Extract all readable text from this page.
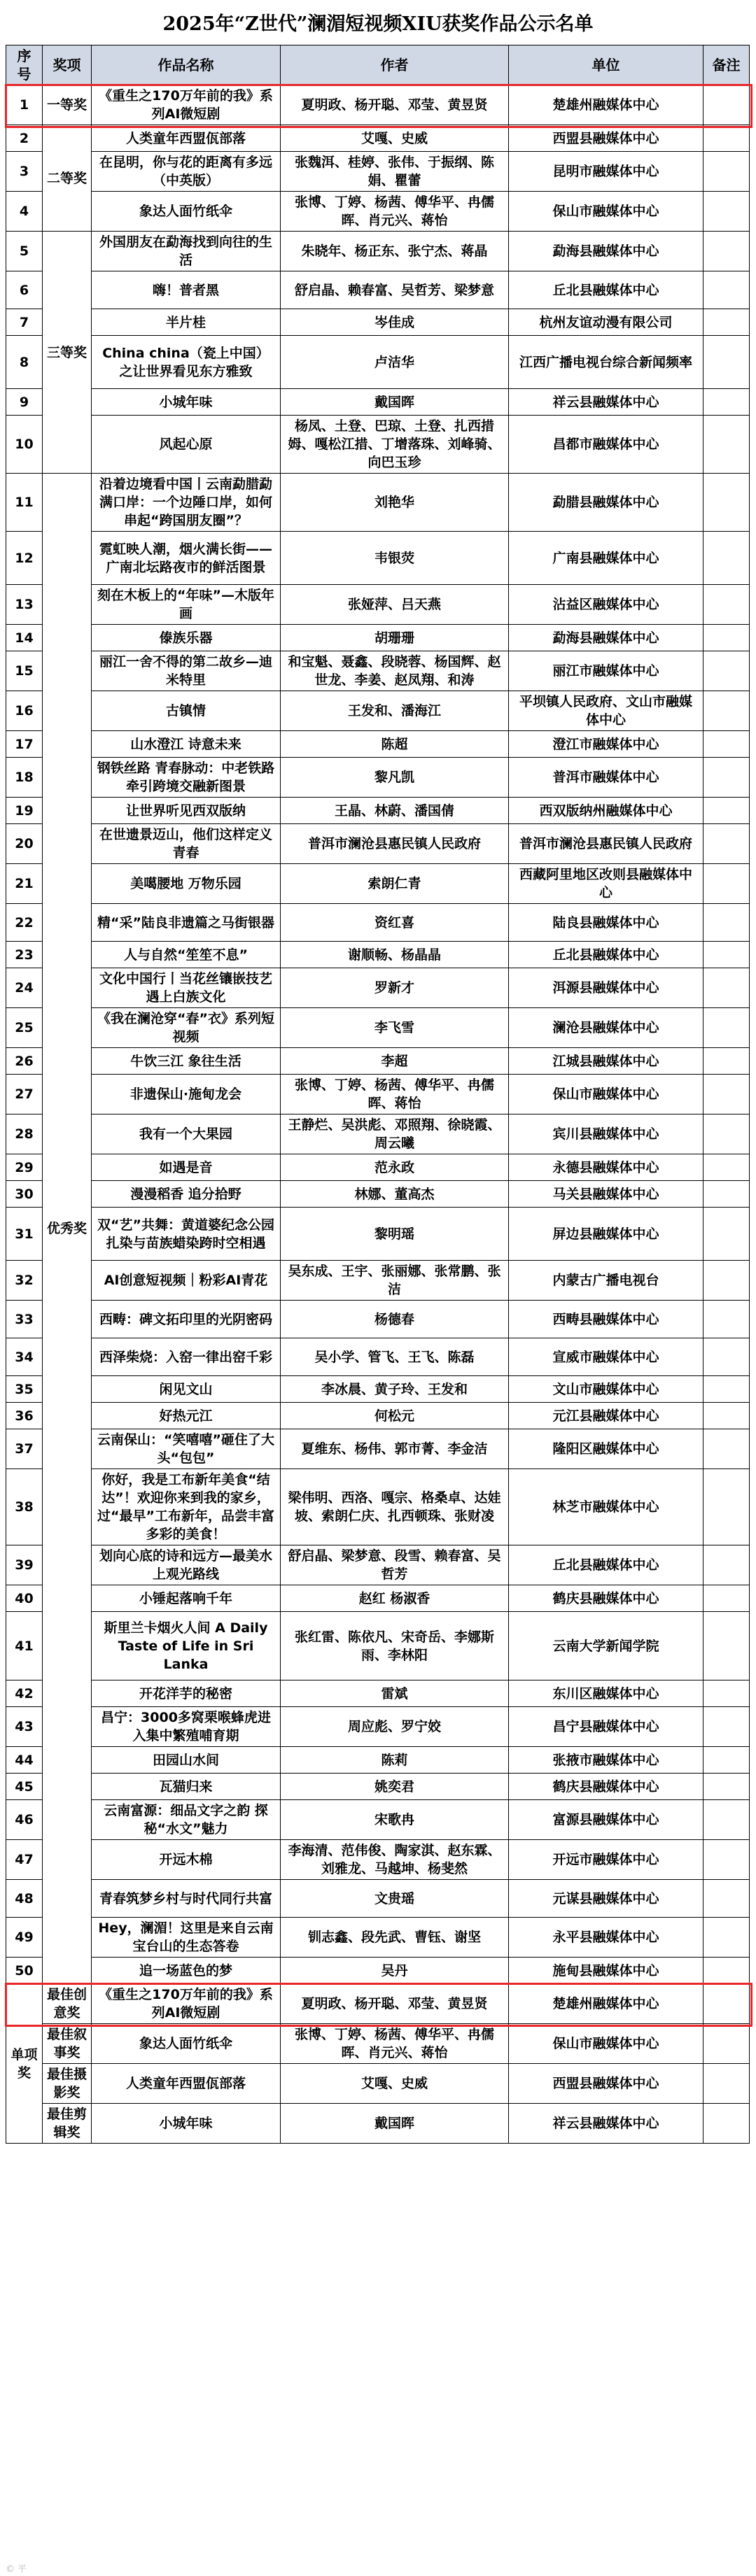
2025年“Z世代”澜湄短视频XIU获奖作品公示名单
序号	奖项	作品名称	作者	单位	备注
1	一等奖	《重生之170万年前的我》系列AI微短剧	夏明政、杨开聪、邓莹、黄昱贤	楚雄州融媒体中心	
2	二等奖	人类童年西盟佤部落	艾嘎、史威	西盟县融媒体中心	
3		在昆明，你与花的距离有多远（中英版）	张魏洱、桂婷、张伟、于振纲、陈娟、瞿蕾	昆明市融媒体中心	
4		象达人面竹纸伞	张博、丁婷、杨茜、傅华平、冉儒晖、肖元兴、蒋怡	保山市融媒体中心	
5	三等奖	外国朋友在勐海找到向往的生活	朱晓年、杨正东、张宁杰、蒋晶	勐海县融媒体中心	
6		嗨！普者黑	舒启晶、赖春富、吴哲芳、梁梦意	丘北县融媒体中心	
7		半片桂	岑佳成	杭州友谊动漫有限公司	
8		China china（瓷上中国）之让世界看见东方雅致	卢洁华	江西广播电视台综合新闻频率	
9		小城年味	戴国晖	祥云县融媒体中心	
10		风起心原	杨凤、土登、巴琼、土登、扎西措姆、嘎松江措、丁增落珠、刘峰骑、向巴玉珍	昌都市融媒体中心	
11	优秀奖	沿着边境看中国丨云南勐腊勐满口岸：一个边陲口岸，如何串起“跨国朋友圈”？	刘艳华	勐腊县融媒体中心	
12		霓虹映人潮，烟火满长街——广南北坛路夜市的鲜活图景	韦银荧	广南县融媒体中心	
13		刻在木板上的“年味”—木版年画	张娅萍、吕天燕	沾益区融媒体中心	
14		傣族乐器	胡珊珊	勐海县融媒体中心	
15		丽江一舍不得的第二故乡—迪米特里	和宝魁、聂鑫、段晓蓉、杨国辉、赵世龙、李姜、赵凤翔、和涛	丽江市融媒体中心	
16		古镇情	王发和、潘海江	平坝镇人民政府、文山市融媒体中心	
17		山水澄江 诗意未来	陈超	澄江市融媒体中心	
18		钢铁丝路 青春脉动：中老铁路牵引跨境交融新图景	黎凡凯	普洱市融媒体中心	
19		让世界听见西双版纳	王晶、林蔚、潘国倩	西双版纳州融媒体中心	
20		在世遗景迈山，他们这样定义青春	普洱市澜沧县惠民镇人民政府	普洱市澜沧县惠民镇人民政府	
21		美噶腰地 万物乐园	索朗仁青	西藏阿里地区改则县融媒体中心	
22		精“采”陆良非遗篇之马街银器	资红喜	陆良县融媒体中心	
23		人与自然“笙笙不息”	谢顺畅、杨晶晶	丘北县融媒体中心	
24		文化中国行丨当花丝镶嵌技艺遇上白族文化	罗新才	洱源县融媒体中心	
25		《我在澜沧穿“春”衣》系列短视频	李飞雪	澜沧县融媒体中心	
26		牛饮三江 象往生活	李超	江城县融媒体中心	
27		非遗保山·施甸龙会	张博、丁婷、杨茜、傅华平、冉儒晖、蒋怡	保山市融媒体中心	
28		我有一个大果园	王静烂、吴洪彪、邓照翔、徐晓霞、周云曦	宾川县融媒体中心	
29		如遇是音	范永政	永德县融媒体中心	
30		漫漫稻香 追分拾野	林娜、董高杰	马关县融媒体中心	
31		双“艺”共舞：黄道婆纪念公园扎染与苗族蜡染跨时空相遇	黎明瑶	屏边县融媒体中心	
32		AI创意短视频｜粉彩AI青花	吴东成、王宇、张丽娜、张常鹏、张洁	内蒙古广播电视台	
33		西畴：碑文拓印里的光阴密码	杨德春	西畴县融媒体中心	
34		西泽柴烧：入窑一律出窑千彩	吴小学、管飞、王飞、陈磊	宣威市融媒体中心	
35		闲见文山	李冰晨、黄子玲、王发和	文山市融媒体中心	
36		好热元江	何松元	元江县融媒体中心	
37		云南保山：“笑嘻嘻”砸住了大头“包包”	夏维东、杨伟、郭市菁、李金洁	隆阳区融媒体中心	
38		你好，我是工布新年美食“结达”！欢迎你来到我的家乡，过“最早”工布新年，品尝丰富多彩的美食！	梁伟明、西洛、嘎宗、格桑卓、达娃坡、索朗仁庆、扎西顿珠、张财凌	林芝市融媒体中心	
39		划向心底的诗和远方—最美水上观光路线	舒启晶、梁梦意、段雪、赖春富、吴哲芳	丘北县融媒体中心	
40		小锤起落响千年	赵红 杨淑香	鹤庆县融媒体中心	
41		斯里兰卡烟火人间 A Daily Taste of Life in Sri Lanka	张红雷、陈依凡、宋奇岳、李娜斯雨、李林阳	云南大学新闻学院	
42		开花洋芋的秘密	雷斌	东川区融媒体中心	
43		昌宁：3000多窝栗喉蜂虎进入集中繁殖哺育期	周应彪、罗宁姣	昌宁县融媒体中心	
44		田园山水间	陈莉	张掖市融媒体中心	
45		瓦猫归来	姚奕君	鹤庆县融媒体中心	
46		云南富源：细品文字之韵 探秘“水文”魅力	宋歌冉	富源县融媒体中心	
47		开远木棉	李海清、范伟俊、陶家淇、赵东霖、刘雅龙、马越坤、杨斐然	开远市融媒体中心	
48		青春筑梦乡村与时代同行共富	文贵瑶	元谋县融媒体中心	
49		Hey，澜湄！这里是来自云南宝台山的生态答卷	钏志鑫、段先武、曹钰、谢坚	永平县融媒体中心	
50		追一场蓝色的梦	吴丹	施甸县融媒体中心	
单项奖	最佳创意奖	《重生之170万年前的我》系列AI微短剧	夏明政、杨开聪、邓莹、黄昱贤	楚雄州融媒体中心	
	最佳叙事奖	象达人面竹纸伞	张博、丁婷、杨茜、傅华平、冉儒晖、肖元兴、蒋怡	保山市融媒体中心	
	最佳摄影奖	人类童年西盟佤部落	艾嘎、史威	西盟县融媒体中心	
	最佳剪辑奖	小城年味	戴国晖	祥云县融媒体中心	
© 平
